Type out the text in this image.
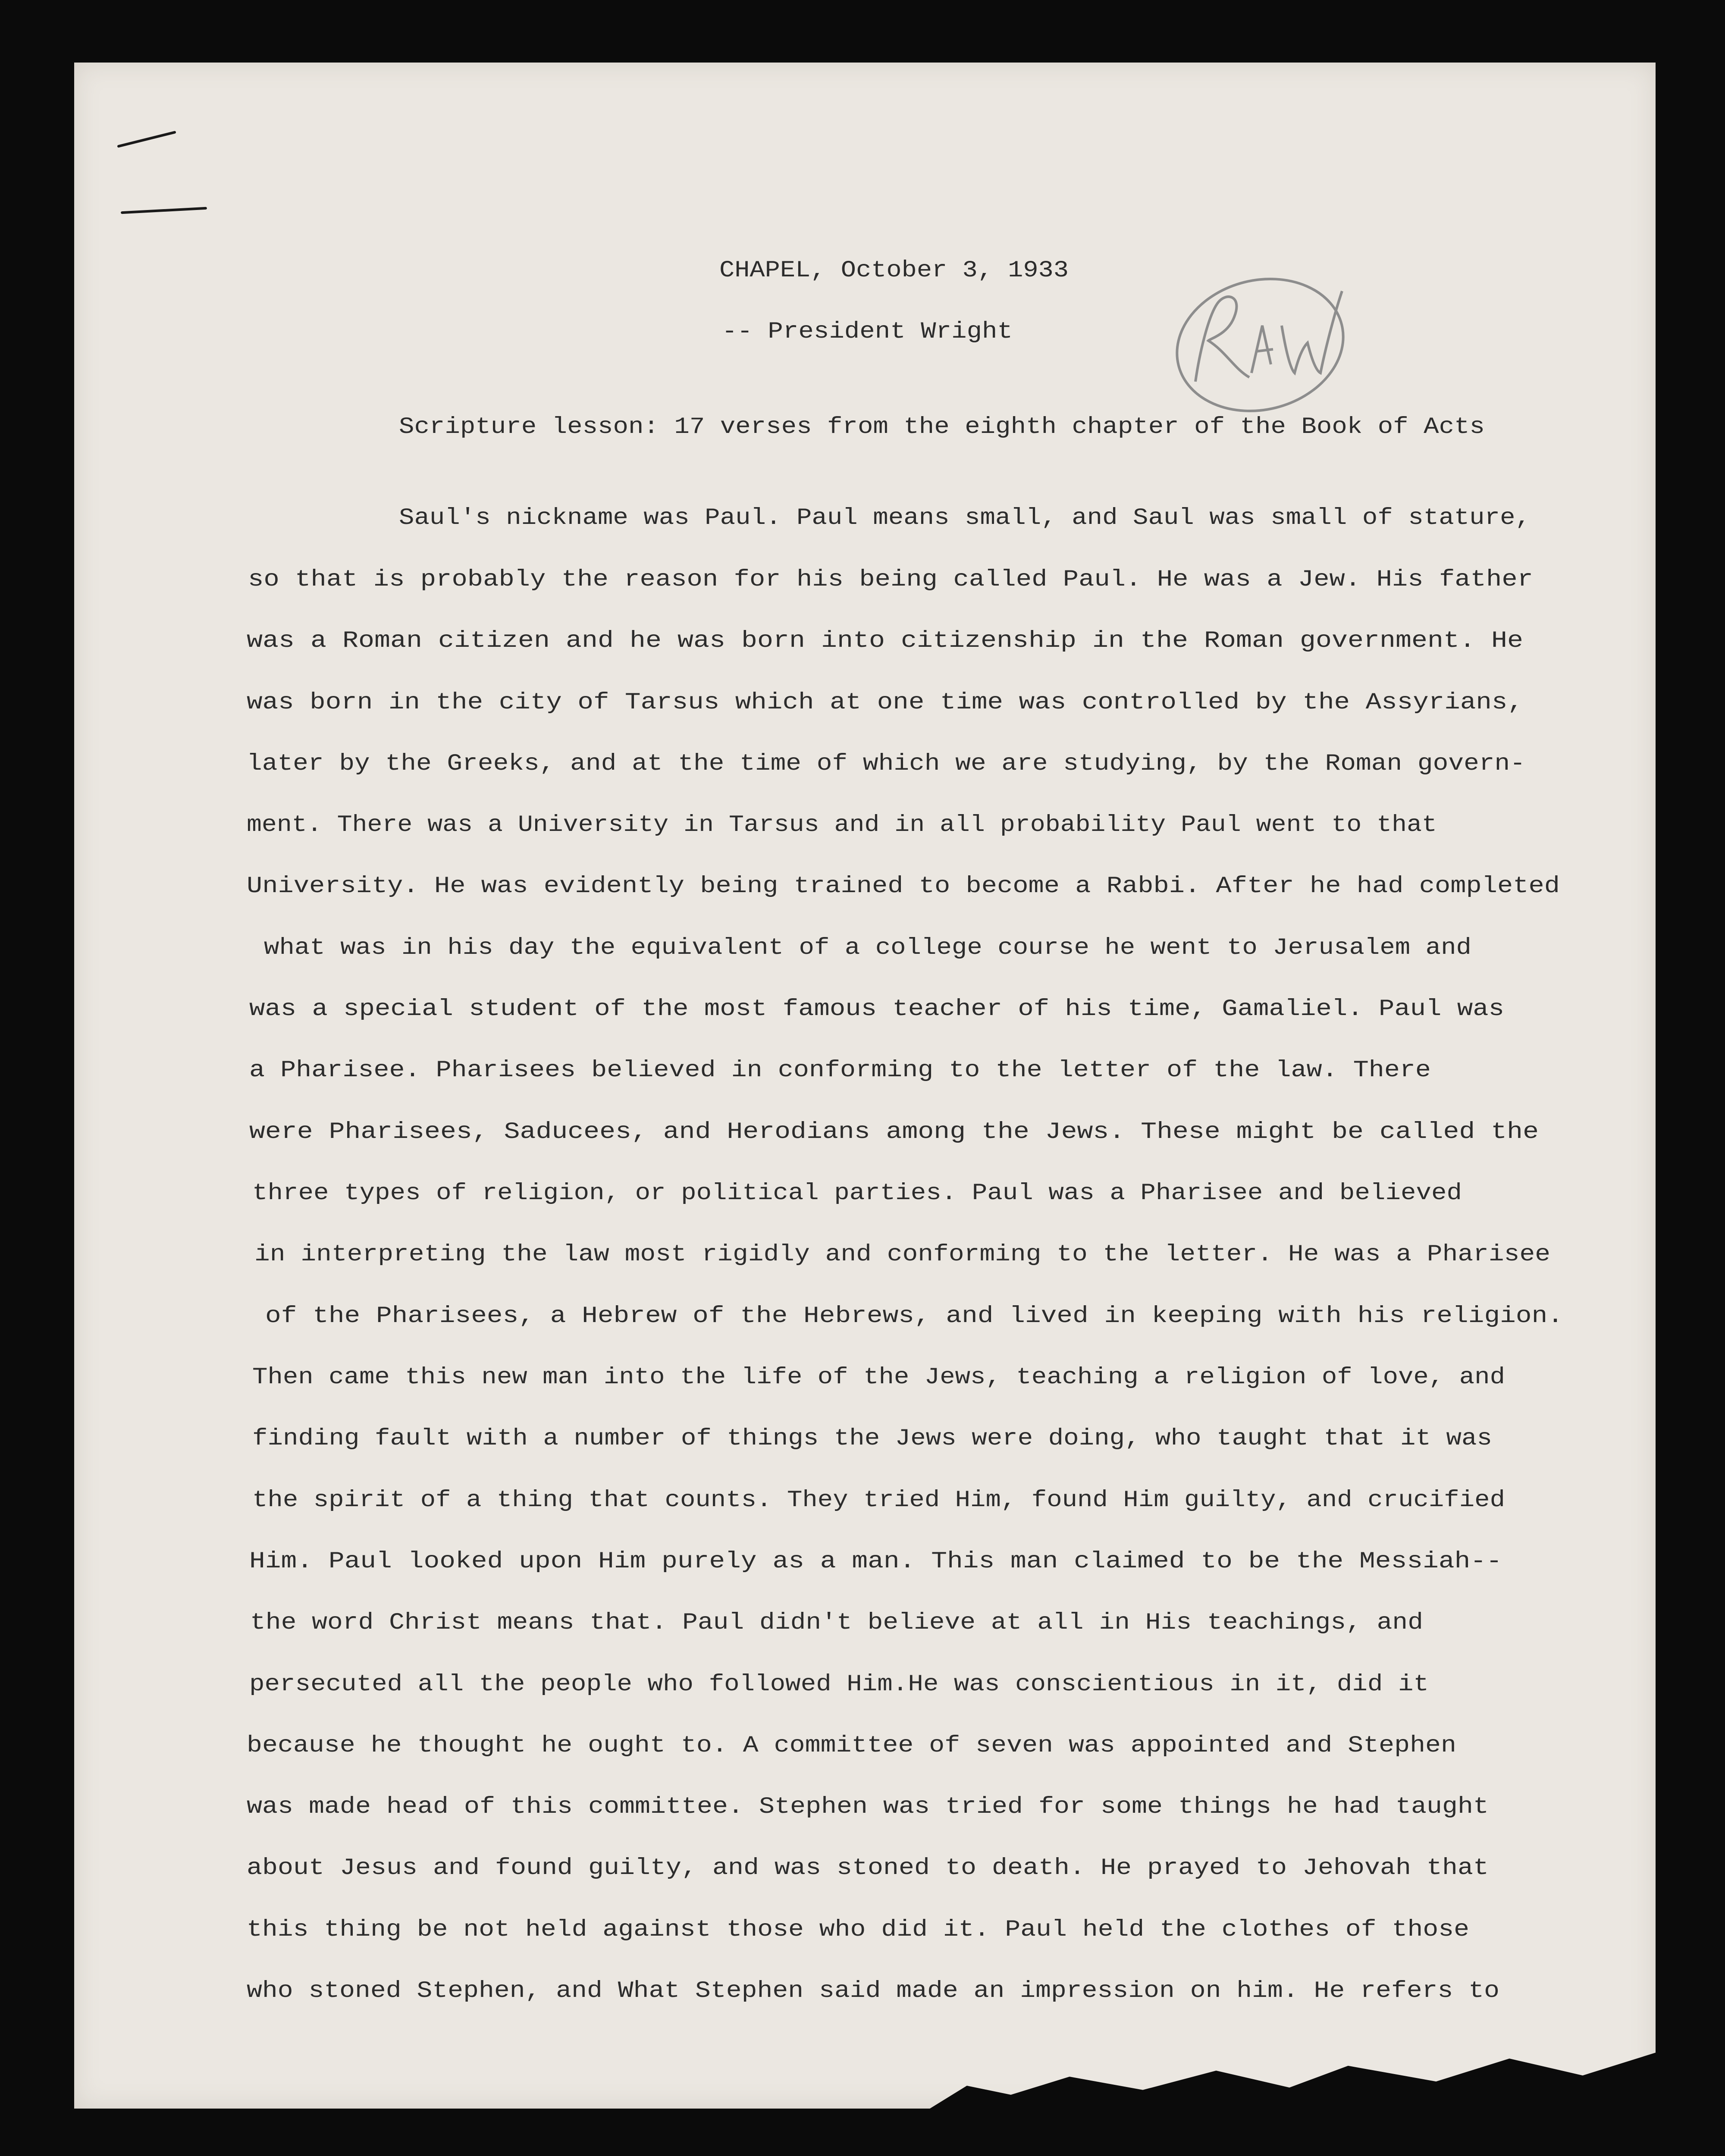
CHAPEL, October 3, 1933
-- President Wright
Scripture lesson: 17 verses from the eighth chapter of the Book of Acts
Saul's nickname was Paul. Paul means small, and Saul was small of stature,
so that is probably the reason for his being called Paul. He was a Jew. His father
was a Roman citizen and he was born into citizenship in the Roman government. He
was born in the city of Tarsus which at one time was controlled by the Assyrians,
later by the Greeks, and at the time of which we are studying, by the Roman govern-
ment. There was a University in Tarsus and in all probability Paul went to that
University. He was evidently being trained to become a Rabbi. After he had completed
what was in his day the equivalent of a college course he went to Jerusalem and
was a special student of the most famous teacher of his time, Gamaliel. Paul was
a Pharisee. Pharisees believed in conforming to the letter of the law. There
were Pharisees, Saducees, and Herodians among the Jews. These might be called the
three types of religion, or political parties. Paul was a Pharisee and believed
in interpreting the law most rigidly and conforming to the letter. He was a Pharisee
of the Pharisees, a Hebrew of the Hebrews, and lived in keeping with his religion.
Then came this new man into the life of the Jews, teaching a religion of love, and
finding fault with a number of things the Jews were doing, who taught that it was
the spirit of a thing that counts. They tried Him, found Him guilty, and crucified
Him. Paul looked upon Him purely as a man. This man claimed to be the Messiah--
the word Christ means that. Paul didn't believe at all in His teachings, and
persecuted all the people who followed Him.He was conscientious in it, did it
because he thought he ought to. A committee of seven was appointed and Stephen
was made head of this committee. Stephen was tried for some things he had taught
about Jesus and found guilty, and was stoned to death. He prayed to Jehovah that
this thing be not held against those who did it. Paul held the clothes of those
who stoned Stephen, and What Stephen said made an impression on him. He refers to
